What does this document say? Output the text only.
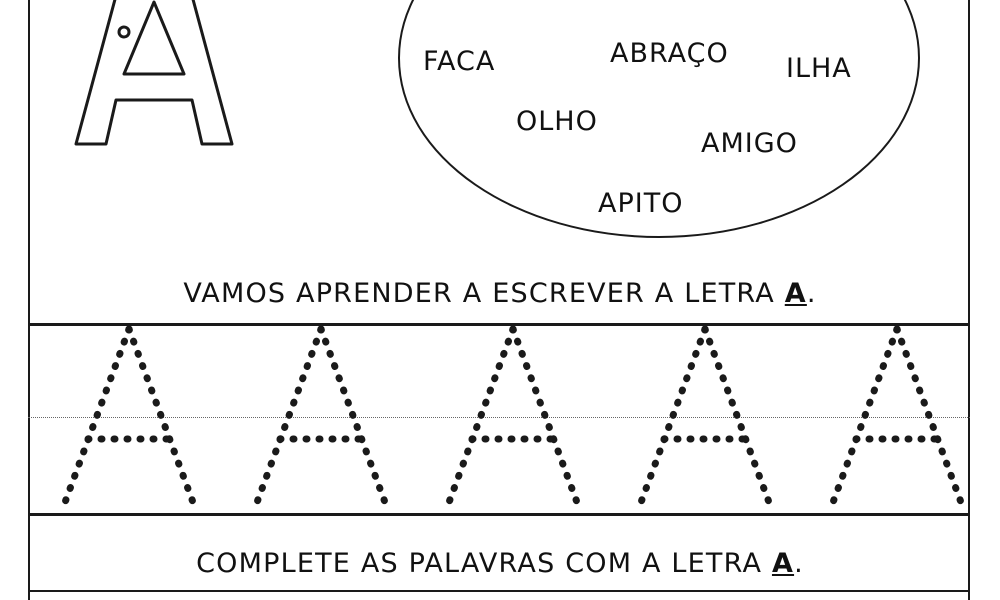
FACA	ABRAÇO ILHA
OLHO
AMIGO
APITO
VAMOS APRENDER A ESCREVER A LETRA A.
COMPLETE AS PALAVRAS COM A LETRA A.
